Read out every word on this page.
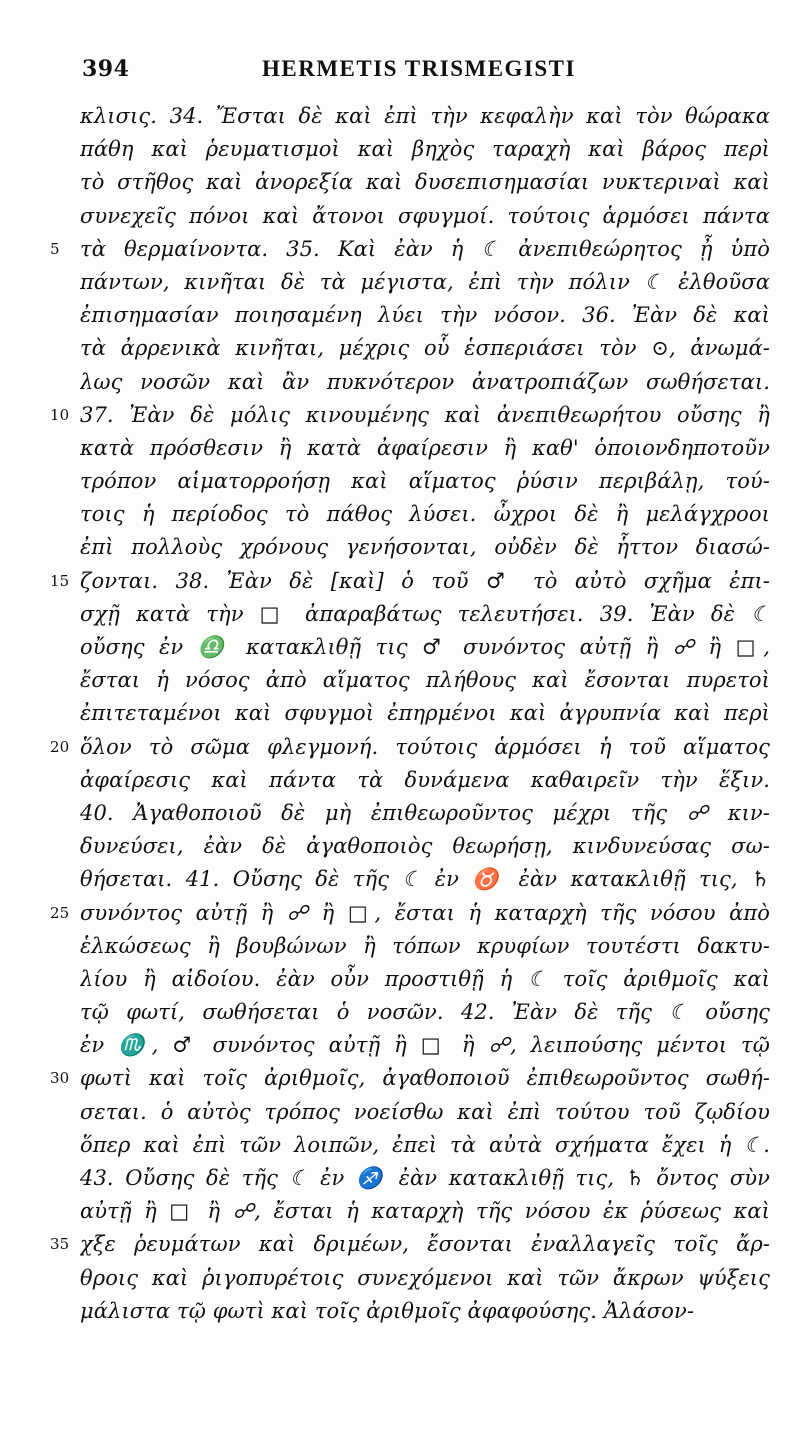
394	HERMETIS TRISMEGISTI
κλισις. 34. Ἔσται δὲ καὶ ἐπὶ τὴν κεφαλὴν καὶ τὸν θώρακα
πάθη καὶ ῥευματισμοὶ καὶ βηχὸς ταραχὴ καὶ βάρος περὶ
τὸ στῆθος καὶ ἀνορεξία καὶ δυσεπισημασίαι νυκτεριναὶ καὶ
συνεχεῖς πόνοι καὶ ἄτονοι σφυγμοί. τούτοις ἁρμόσει πάντα
5 τὰ θερμαίνοντα. 35. Καὶ ἐὰν ἡ ☾ ἀνεπιθεώρητος ᾖ ὑπὸ
πάντων, κινῆται δὲ τὰ μέγιστα, ἐπὶ τὴν πόλιν ☾ ἐλθοῦσα
ἐπισημασίαν ποιησαμένη λύει τὴν νόσον. 36. Ἐὰν δὲ καὶ
τὰ ἀρρενικὰ κινῆται, μέχρις οὗ ἑσπεριάσει τὸν ⊙, ἀνωμά-
λως νοσῶν καὶ ἂν πυκνότερον ἀνατροπιάζων σωθήσεται.
10 37. Ἐὰν δὲ μόλις κινουμένης καὶ ἀνεπιθεωρήτου οὔσης ἢ
κατὰ πρόσθεσιν ἢ κατὰ ἀφαίρεσιν ἢ καθ' ὁποιονδηποτοῦν
τρόπον αἱματορροήσῃ καὶ αἵματος ῥύσιν περιβάλῃ, τού-
τοις ἡ περίοδος τὸ πάθος λύσει. ὦχροι δὲ ἢ μελάγχροοι
ἐπὶ πολλοὺς χρόνους γενήσονται, οὐδὲν δὲ ἧττον διασώ-
15 ζονται. 38. Ἐὰν δὲ [καὶ] ὁ τοῦ ♂ τὸ αὐτὸ σχῆμα ἐπι-
σχῇ κατὰ τὴν □ ἀπαραβάτως τελευτήσει. 39. Ἐὰν δὲ ☾
οὔσης ἐν ♎ κατακλιθῇ τις ♂ συνόντος αὐτῇ ἢ ☍ ἢ □,
ἔσται ἡ νόσος ἀπὸ αἵματος πλήθους καὶ ἔσονται πυρετοὶ
ἐπιτεταμένοι καὶ σφυγμοὶ ἐπηρμένοι καὶ ἀγρυπνία καὶ περὶ
20 ὅλον τὸ σῶμα φλεγμονή. τούτοις ἁρμόσει ἡ τοῦ αἵματος
ἀφαίρεσις καὶ πάντα τὰ δυνάμενα καθαιρεῖν τὴν ἕξιν.
40. Ἀγαθοποιοῦ δὲ μὴ ἐπιθεωροῦντος μέχρι τῆς ☍ κιν-
δυνεύσει, ἐὰν δὲ ἀγαθοποιὸς θεωρήσῃ, κινδυνεύσας σω-
θήσεται. 41. Οὔσης δὲ τῆς ☾ ἐν ♉ ἐὰν κατακλιθῇ τις, ♄
25 συνόντος αὐτῇ ἢ ☍ ἢ □, ἔσται ἡ καταρχὴ τῆς νόσου ἀπὸ
ἑλκώσεως ἢ βουβώνων ἢ τόπων κρυφίων τουτέστι δακτυ-
λίου ἢ αἰδοίου. ἐὰν οὖν προστιθῇ ἡ ☾ τοῖς ἀριθμοῖς καὶ
τῷ φωτί, σωθήσεται ὁ νοσῶν. 42. Ἐὰν δὲ τῆς ☾ οὔσης
ἐν ♏, ♂ συνόντος αὐτῇ ἢ □ ἢ ☍, λειπούσης μέντοι τῷ
30 φωτὶ καὶ τοῖς ἀριθμοῖς, ἀγαθοποιοῦ ἐπιθεωροῦντος σωθή-
σεται. ὁ αὐτὸς τρόπος νοείσθω καὶ ἐπὶ τούτου τοῦ ζῳδίου
ὅπερ καὶ ἐπὶ τῶν λοιπῶν, ἐπεὶ τὰ αὐτὰ σχήματα ἔχει ἡ ☾.
43. Οὔσης δὲ τῆς ☾ ἐν ♐ ἐὰν κατακλιθῇ τις, ♄ ὄντος σὺν
αὐτῇ ἢ □ ἢ ☍, ἔσται ἡ καταρχὴ τῆς νόσου ἐκ ῥύσεως καὶ
35 χξε ῥευμάτων καὶ δριμέων, ἔσονται ἐναλλαγεῖς τοῖς ἄρ-
θροις καὶ ῥιγοπυρέτοις συνεχόμενοι καὶ τῶν ἄκρων ψύξεις
μάλιστα τῷ φωτὶ καὶ τοῖς ἀριθμοῖς ἀφαφούσης. Ἀλάσον-
